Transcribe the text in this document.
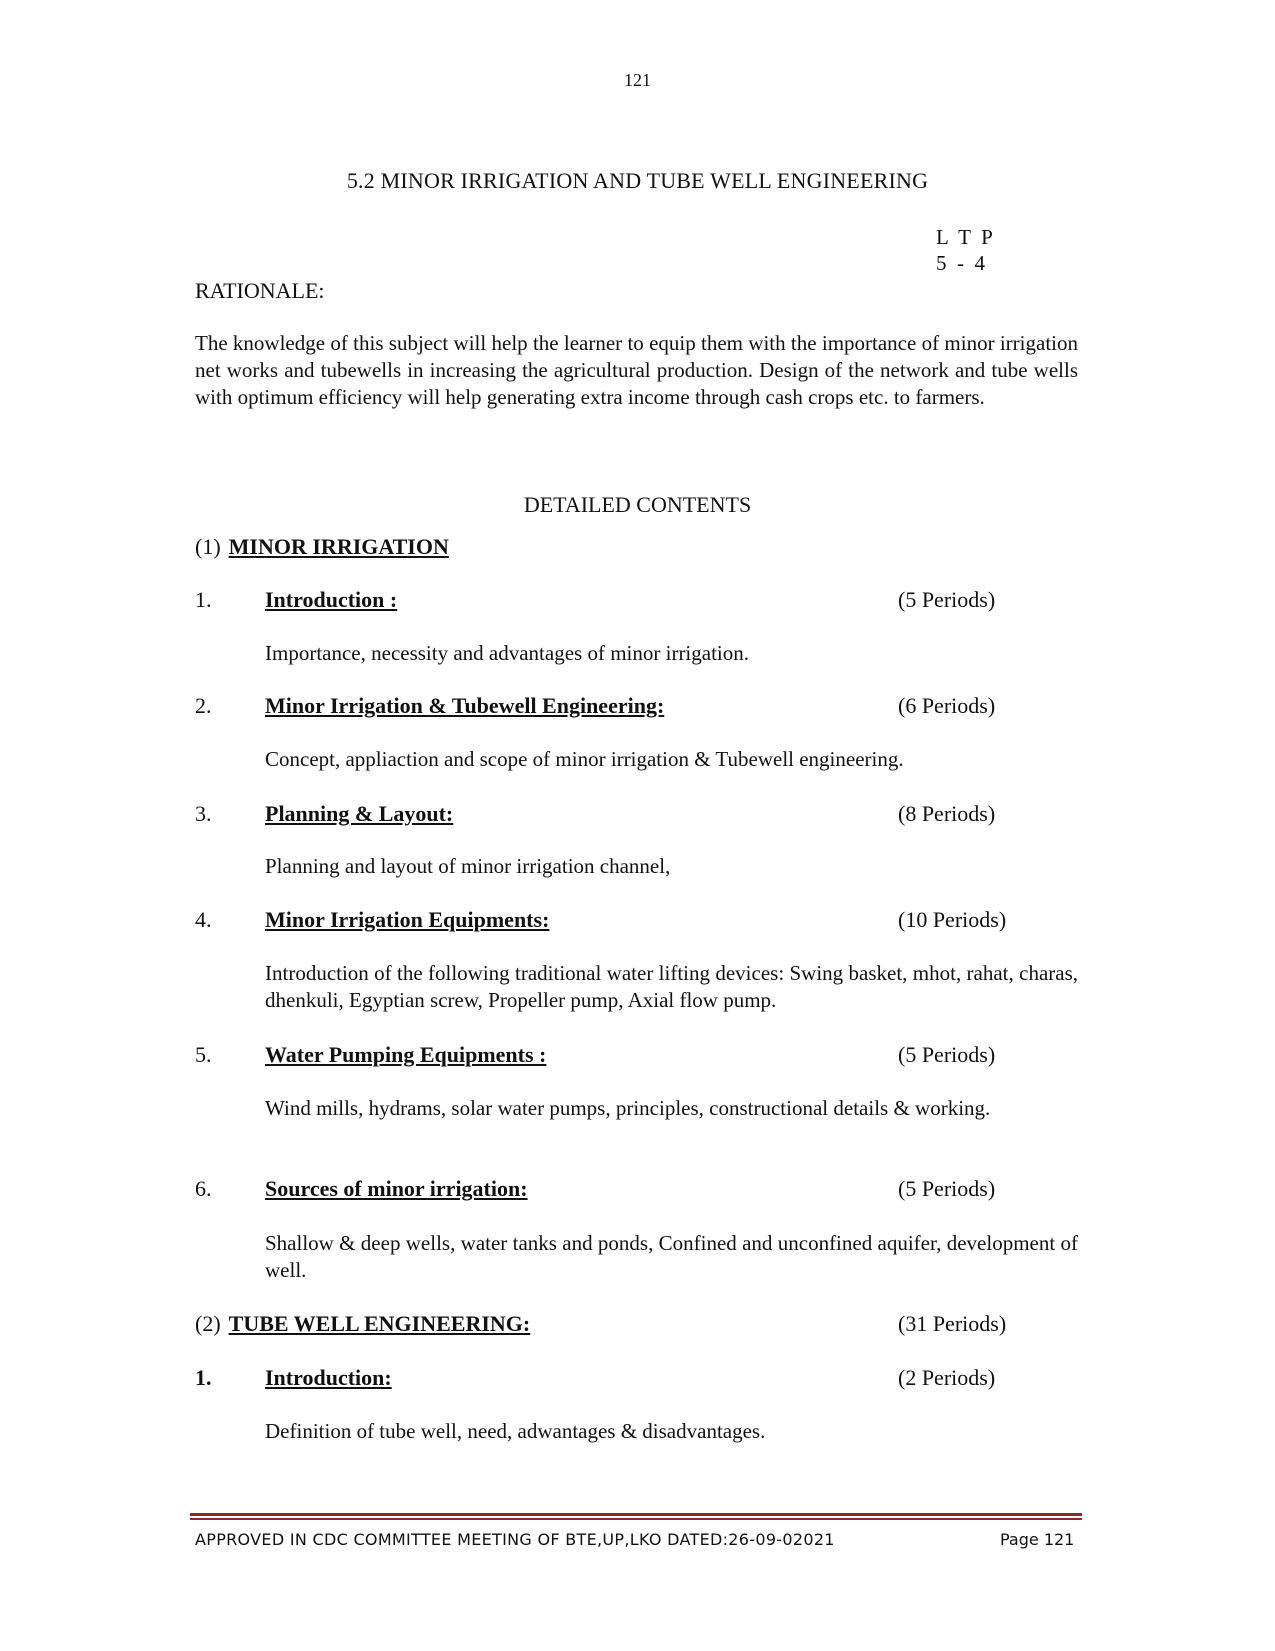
121
5.2 MINOR IRRIGATION AND TUBE WELL ENGINEERING
L  T  P
5  -  4
RATIONALE:
The knowledge of this subject will help the learner to equip them with the importance of minor irrigation net works and tubewells in increasing the agricultural production. Design of the network and tube wells with optimum efficiency will help generating extra income through cash crops etc. to farmers.
DETAILED CONTENTS
(1) MINOR IRRIGATION
1. Introduction :	(5 Periods)
Importance, necessity and advantages of minor irrigation.
2. Minor Irrigation & Tubewell Engineering:	(6 Periods)
Concept, appliaction and scope of minor irrigation & Tubewell engineering.
3. Planning & Layout:	(8 Periods)
Planning and layout of minor irrigation channel,
4. Minor Irrigation Equipments:	(10 Periods)
Introduction of the following traditional water lifting devices: Swing basket, mhot, rahat, charas, dhenkuli, Egyptian screw, Propeller pump, Axial flow pump.
5. Water Pumping Equipments :	(5 Periods)
Wind mills, hydrams, solar water pumps, principles, constructional details & working.
6. Sources of minor irrigation:	(5 Periods)
Shallow & deep wells, water tanks and ponds, Confined and unconfined aquifer, development of well.
(2) TUBE WELL ENGINEERING:	(31 Periods)
1. Introduction:	(2 Periods)
Definition of tube well, need, adwantages & disadvantages.
APPROVED IN CDC COMMITTEE MEETING OF BTE,UP,LKO DATED:26-09-02021	Page 121
